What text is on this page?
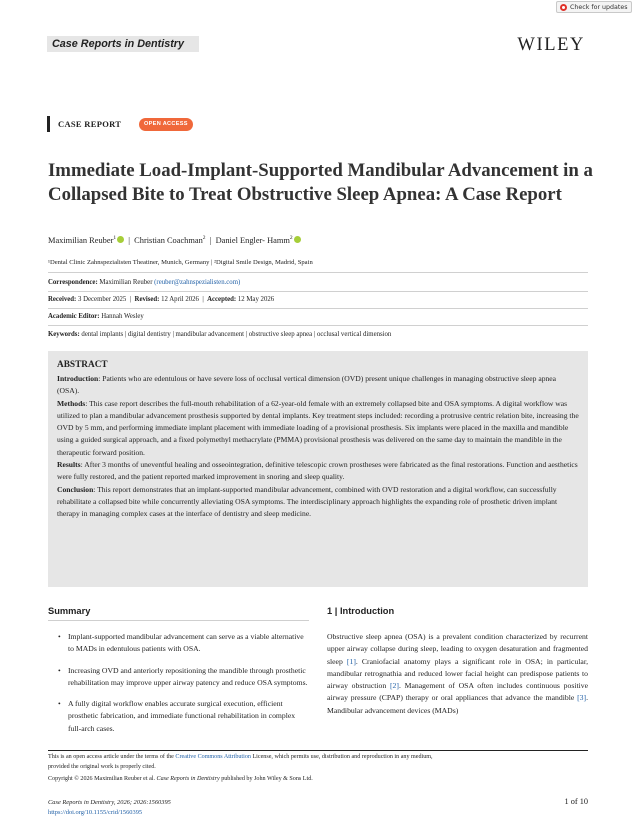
Check for updates
Case Reports in Dentistry	WILEY
CASE REPORT	OPEN ACCESS
Immediate Load-Implant-Supported Mandibular Advancement in a Collapsed Bite to Treat Obstructive Sleep Apnea: A Case Report
Maximilian Reuber$^1$ | Christian Coachman$^2$ | Daniel Engler- Hamm$^2$
¹Dental Clinic Zahnspezialisten Theatiner, Munich, Germany | ²Digital Smile Design, Madrid, Spain
Correspondence: Maximilian Reuber (reuber@zahnspezialisten.com)
Received: 3 December 2025 | Revised: 12 April 2026 | Accepted: 12 May 2026
Academic Editor: Hannah Wesley
Keywords: dental implants | digital dentistry | mandibular advancement | obstructive sleep apnea | occlusal vertical dimension
ABSTRACT

Introduction: Patients who are edentulous or have severe loss of occlusal vertical dimension (OVD) present unique challenges in managing obstructive sleep apnea (OSA).

Methods: This case report describes the full-mouth rehabilitation of a 62-year-old female with an extremely collapsed bite and OSA symptoms. A digital workflow was utilized to plan a mandibular advancement prosthesis supported by dental implants. Key treatment steps included: recording a protrusive centric relation bite, increasing the OVD by 5 mm, and performing immediate implant placement with immediate loading of a provisional prosthesis. Six implants were placed in the maxilla and mandible using a guided surgical approach, and a fixed polymethyl methacrylate (PMMA) provisional prosthesis was delivered on the same day to maintain the mandible in the therapeutic forward position.

Results: After 3 months of uneventful healing and osseointegration, definitive telescopic crown prostheses were fabricated as the final restorations. Function and aesthetics were fully restored, and the patient reported marked improvement in snoring and sleep quality.

Conclusion: This report demonstrates that an implant-supported mandibular advancement, combined with OVD restoration and a digital workflow, can successfully rehabilitate a collapsed bite while concurrently alleviating OSA symptoms. The interdisciplinary approach highlights the expanding role of prosthetic driven implant therapy in managing complex cases at the interface of dentistry and sleep medicine.

Summary
• Implant-supported mandibular advancement can serve as a viable alternative to MADs in edentulous patients with OSA.
• Increasing OVD and anteriorly repositioning the mandible through prosthetic rehabilitation may improve upper airway patency and reduce OSA symptoms.
• A fully digital workflow enables accurate surgical execution, efficient prosthetic fabrication, and immediate functional rehabilitation in complex full-arch cases.
1 | Introduction
Obstructive sleep apnea (OSA) is a prevalent condition characterized by recurrent upper airway collapse during sleep, leading to oxygen desaturation and fragmented sleep [1]. Craniofacial anatomy plays a significant role in OSA; in particular, mandibular retrognathia and reduced lower facial height can predispose patients to airway obstruction [2]. Management of OSA often includes continuous positive airway pressure (CPAP) therapy or oral appliances that advance the mandible [3]. Mandibular advancement devices (MADs)
This is an open access article under the terms of the Creative Commons Attribution License, which permits use, distribution and reproduction in any medium,
provided the original work is properly cited.
Copyright © 2026 Maximilian Reuber et al. Case Reports in Dentistry published by John Wiley & Sons Ltd.
Case Reports in Dentistry, 2026; 2026:1560395
https://doi.org/10.1155/crid/1560395
1 of 10
